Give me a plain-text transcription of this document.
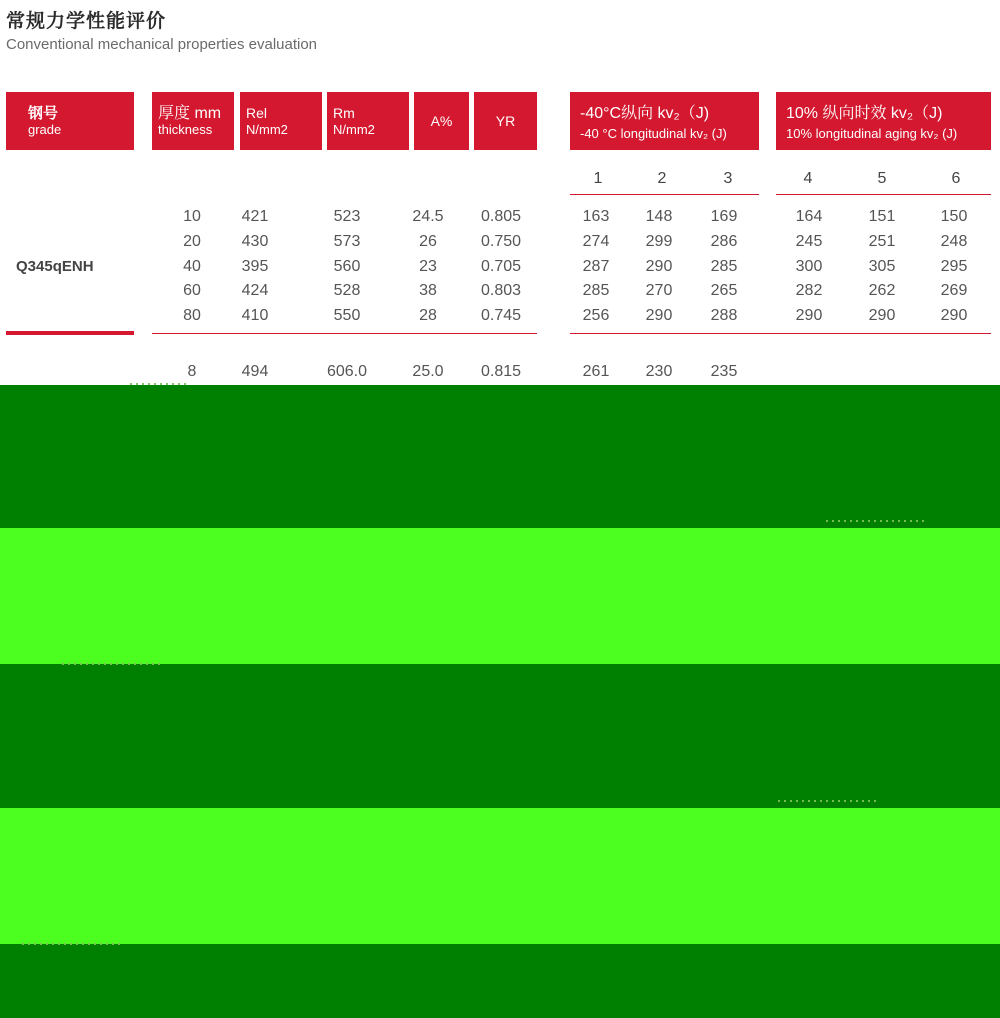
常规力学性能评价
Conventional mechanical properties evaluation
钢号
grade
厚度 mm
thickness
Rel
N/mm2
Rm
N/mm2
A%	YR	-40°C纵向 kv₂（J)
-40 °C longitudinal kv₂ (J)
10% 纵向时效 kv₂（J)
10% longitudinal aging kv₂ (J)
1	2	3	4	5	6
Q345qENH
10	421	523	24.5	0.805	163	148	169	164	151	150
20	430	573	26	0.750	274	299	286	245	251	248
40	395	560	23	0.705	287	290	285	300	305	295
60	424	528	38	0.803	285	270	265	282	262	269
80	410	550	28	0.745	256	290	288	290	290	290
8	494	606.0	25.0	0.815	261	230	235
